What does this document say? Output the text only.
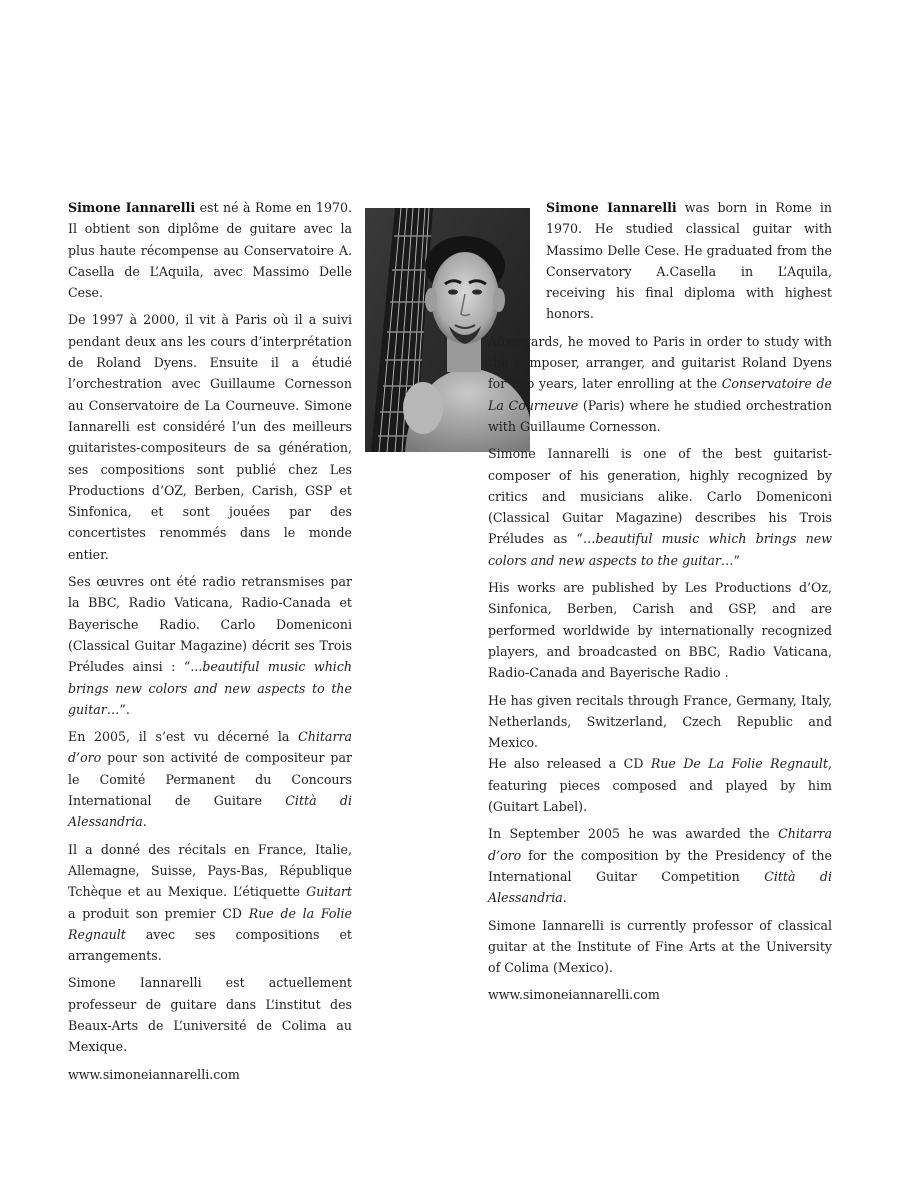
Simone Iannarelli est né à Rome en 1970. Il obtient son diplôme de guitare avec la plus haute récompense au Conservatoire A. Casella de L’Aquila, avec Massimo Delle Cese.

De 1997 à 2000, il vit à Paris où il a suivi pendant deux ans les cours d’interprétation de Roland Dyens. Ensuite il a étudié l’orchestration avec Guillaume Cornesson au Conservatoire de La Courneuve. Simone Iannarelli est considéré l’un des meilleurs guitaristes-compositeurs de sa génération, ses compositions sont publié chez Les Productions d’OZ, Berben, Carish, GSP et Sinfonica, et sont jouées par des concertistes renommés dans le monde entier.

Ses œuvres ont été radio retransmises par la BBC, Radio Vaticana, Radio-Canada et Bayerische Radio. Carlo Domeniconi (Classical Guitar Magazine) décrit ses Trois Préludes ainsi : “...beautiful music which brings new colors and new aspects to the guitar…”.

En 2005, il s’est vu décerné la Chitarra d’oro pour son activité de compositeur par le Comité Permanent du Concours International de Guitare Città di Alessandria.

Il a donné des récitals en France, Italie, Allemagne, Suisse, Pays-Bas, République Tchèque et au Mexique. L’étiquette Guitart a produit son premier CD Rue de la Folie Regnault avec ses compositions et arrangements.

Simone Iannarelli est actuellement professeur de guitare dans L’institut des Beaux-Arts de L’université de Colima au Mexique.

www.simoneiannarelli.com

Simone Iannarelli was born in Rome in 1970. He studied classical guitar with Massimo Delle Cese. He graduated from the Conservatory A.Casella in L’Aquila, receiving his final diploma with highest honors.

Afterwards, he moved to Paris in order to study with the composer, arranger, and guitarist Roland Dyens for two years, later enrolling at the Conservatoire de La Courneuve (Paris) where he studied orchestration with Guillaume Cornesson.

Simone Iannarelli is one of the best guitarist-composer of his generation, highly recognized by critics and musicians alike. Carlo Domeniconi (Classical Guitar Magazine) describes his Trois Préludes as “…beautiful music which brings new colors and new aspects to the guitar…”

His works are published by Les Productions d’Oz, Sinfonica, Berben, Carish and GSP, and are performed worldwide by internationally recognized players, and broadcasted on BBC, Radio Vaticana, Radio-Canada and Bayerische Radio .

He has given recitals through France, Germany, Italy, Netherlands, Switzerland, Czech Republic and Mexico.
He also released a CD Rue De La Folie Regnault, featuring pieces composed and played by him (Guitart Label).

In September 2005 he was awarded the Chitarra d’oro for the composition by the Presidency of the International Guitar Competition Città di Alessandria.

Simone Iannarelli is currently professor of classical guitar at the Institute of Fine Arts at the University of Colima (Mexico).

www.simoneiannarelli.com
